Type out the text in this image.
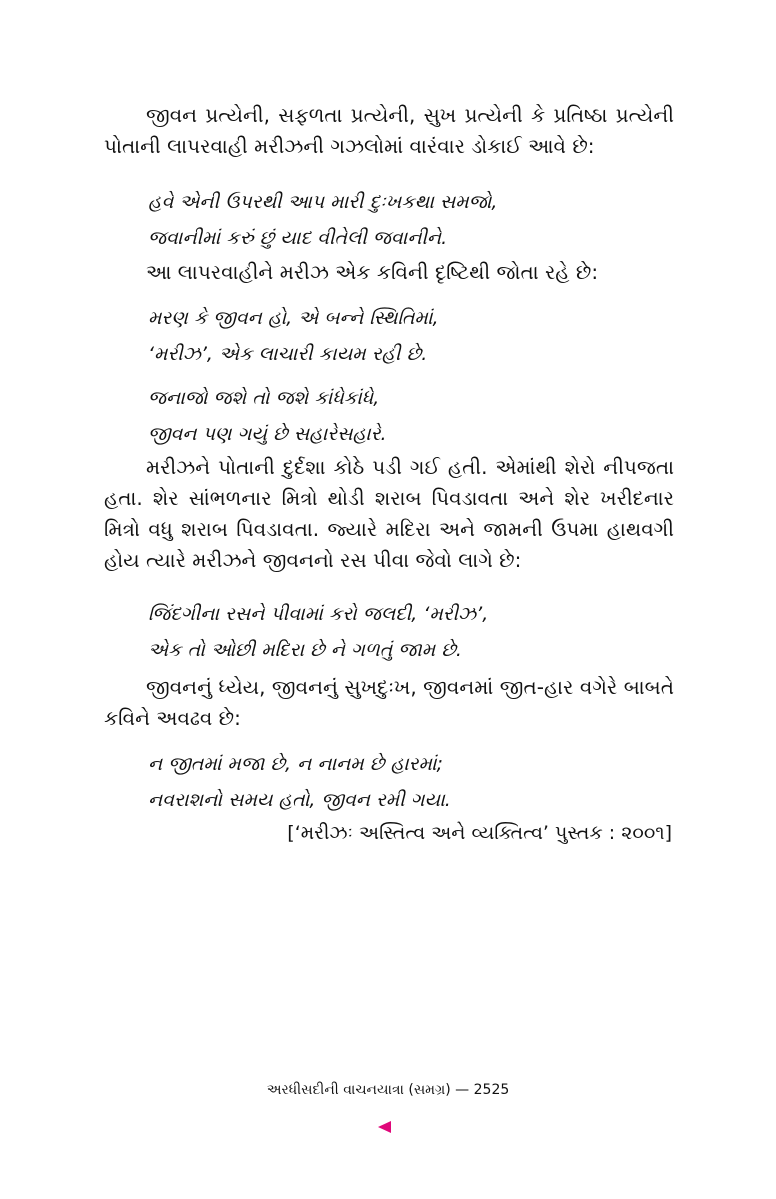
જીવન પ્રત્યેની, સફળતા પ્રત્યેની, સુખ પ્રત્યેની કે પ્રતિષ્ઠા પ્રત્યેની પોતાની લાપરવાહી મરીઝની ગઝલોમાં વારંવાર ડોકાઈ આવે છે:

હવે એની ઉપરથી આપ મારી દુઃખકથા સમજો,
જવાનીમાં કરું છું યાદ વીતેલી જવાનીને.

આ લાપરવાહીને મરીઝ એક કવિની દૃષ્ટિથી જોતા રહે છે:

મરણ કે જીવન હો, એ બન્ને સ્થિતિમાં,
‘મરીઝ’, એક લાચારી કાયમ રહી છે.
જનાજો જશે તો જશે કાંધેકાંધે,
જીવન પણ ગયું છે સહારેસહારે.

મરીઝને પોતાની દુર્દશા કોઠે પડી ગઈ હતી. એમાંથી શેરો નીપજતા હતા. શેર સાંભળનાર મિત્રો થોડી શરાબ પિવડાવતા અને શેર ખરીદનાર મિત્રો વધુ શરાબ પિવડાવતા. જ્યારે મદિરા અને જામની ઉપમા હાથવગી હોય ત્યારે મરીઝને જીવનનો રસ પીવા જેવો લાગે છે:

જિંદગીના રસને પીવામાં કરો જલદી, ‘મરીઝ’,
એક તો ઓછી મદિરા છે ને ગળતું જામ છે.

જીવનનું ધ્યેય, જીવનનું સુખદુઃખ, જીવનમાં જીત-હાર વગેરે બાબતે કવિને અવઢવ છે:

ન જીતમાં મજા છે, ન નાનમ છે હારમાં;
નવરાશનો સમય હતો, જીવન રમી ગયા.
[‘મરીઝઃ અસ્તિત્વ અને વ્યક્તિત્વ’ પુસ્તક : ૨૦૦૧]
અરધીસદીની વાચનયાત્રા (સમગ્ર) — 2525
